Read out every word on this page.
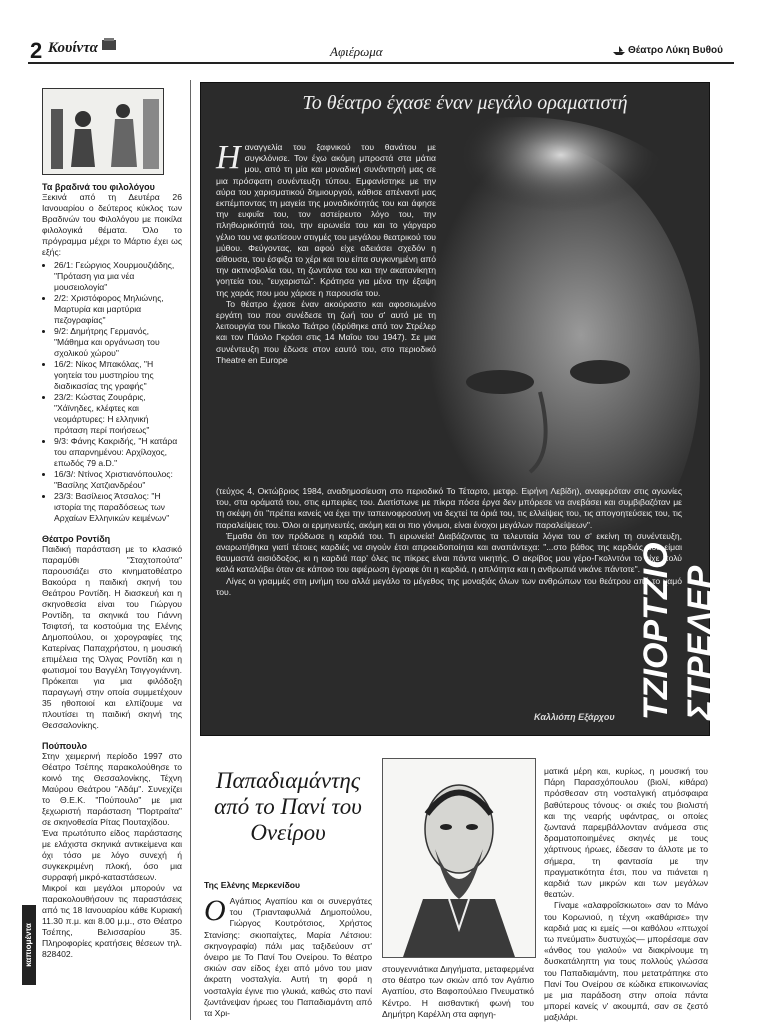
2 Κουίντα	Αφιέρωμα	Θέατρο Λύκη Βυθού

Τα βραδινά του φιλολόγου

Ξεκινά από τη Δευτέρα 26 Ιανουαρίου ο δεύτερος κύκλος των Βραδινών του Φιλολόγου με ποικίλα φιλολογικά θέματα. Όλο το πρόγραμμα μέχρι το Μάρτιο έχει ως εξής:

• 26/1: Γεώργιος Χουρμουζιάδης, "Πρόταση για μια νέα μουσειολογία"
• 2/2: Χριστόφορος Μηλιώνης, Μαρτυρία και μαρτύρια πεζογραφίας"
• 9/2: Δημήτρης Γερμανός, "Μάθημα και οργάνωση του σχολικού χώρου"
• 16/2: Νίκος Μπακόλας, "Η γοητεία του μυστηρίου της διαδικασίας της γραφής"
• 23/2: Κώστας Ζουράρις, "Χάϊνηδες, κλέφτες και νεομάρτυρες: Η ελληνική πρόταση περί ποιήσεως"
• 9/3: Φάνης Κακριδής, "Η κατάρα του απαρνημένου: Αρχίλοχος, επωδός 79 a.D."
• 16/3/: Ντίνος Χριστιανόπουλος: "Βασίλης Χατζιανδρέου"
• 23/3: Βασίλειος Άτσαλος: "Η ιστορία της παραδόσεως των Αρχαίων Ελληνικών κειμένων"

Θέατρο Ροντίδη

Παιδική παράσταση με το κλασικό παραμύθι "Σταχτοπούτα" παρουσιάζει στο κινηματοθέατρο Βακούρα η παιδική σκηνή του Θεάτρου Ροντίδη. Η διασκευή και η σκηνοθεσία είναι του Γιώργου Ροντίδη, τα σκηνικά του Γιάννη Τσιφτσή, τα κοστούμια της Ελένης Δημοπούλου, οι χορογραφίες της Κατερίνας Παπαχρήστου, η μουσική επιμέλεια της Όλγας Ροντίδη και η φωτισμοί του Βαγγέλη Τσιγγογιάννη. Πρόκειται για μια φιλόδοξη παραγωγή στην οποία συμμετέχουν 35 ηθοποιοί και ελπίζουμε να πλουτίσει τη παιδική σκηνή της Θεσσαλονίκης.

Πούπουλο

Στην χειμερινή περίοδο 1997 στο Θέατρο Τσέπης παρακολούθησε το κοινό της Θεσσαλονίκης, Τέχνη Μαύρου Θεάτρου "Αδάμ". Συνεχίζει το Θ.Ε.Κ. "Πούπουλο" με μια ξεχωριστή παράσταση "Πορτραίτα" σε σκηνοθεσία Ρίτας Πουταχίδου.

Ένα πρωτότυπο είδος παράστασης με ελάχιστα σκηνικά αντικείμενα και όχι τόσο με λόγο συνεχή ή συγκεκριμένη πλοκή, όσο μια συρραφή μικρό-καταστάσεων.

Μικροί και μεγάλοι μπορούν να παρακολουθήσουν τις παραστάσεις από τις 18 Ιανουαρίου κάθε Κυριακή 11.30 π.μ. και 8.00 μ.μ., στο Θέατρο Τσέπης, Βελισσαρίου 35. Πληροφορίες κρατήσεις θέσεων τηλ. 828402.

καπιομέντα
Το θέατρο έχασε έναν μεγάλο οραματιστή
Η αναγγελία του ξαφνικού του θανάτου με συγκλόνισε. Τον έχω ακόμη μπροστά στα μάτια μου, από τη μία και μοναδική συνάντησή μας σε μια πρόσφατη συνέντευξη τύπου. Εμφανίστηκε με την αύρα του χαρισματικού δημιουργού, κάθισε απέναντί μας εκπέμποντας τη μαγεία της μοναδικότητάς του και άφησε την ευφυΐα του, τον αστείρευτο λόγο του, την πληθωρικότητά του, την ειρωνεία του και το γάργαρο γέλιο του να φωτίσουν στιγμές του μεγάλου θεατρικού του μύθου. Φεύγοντας, και αφού είχε αδειάσει σχεδόν η αίθουσα, του έσφιξα το χέρι και του είπα συγκινημένη από την ακτινοβολία του, τη ζωντάνια του και την ακατανίκητη γοητεία του, "ευχαριστώ". Κράτησα για μένα την έξαψη της χαράς που μου χάρισε η παρουσία του.

Το θέατρο έχασε έναν ακούραστο και αφοσιωμένο εργάτη του που συνέδεσε τη ζωή του σ' αυτό με τη λειτουργία του Πίκολο Τεάτρο (ιδρύθηκε από τον Στρέλερ και τον Πάολο Γκράσι στις 14 Μαΐου του 1947). Σε μια συνέντευξη που έδωσε στον εαυτό του, στο περιοδικό Theatre en Europe

(τεύχος 4, Οκτώβριος 1984, αναδημοσίευση στο περιοδικό Το Τέταρτο, μετφρ. Ειρήνη Λεβίδη), αναφερόταν στις αγωνίες του, στα οράματά του, στις εμπειρίες του. Διατίστωνε με πίκρα πόσα έργα δεν μπόρεσε να ανεβάσει και συμβιβαζόταν με τη σκέψη ότι "πρέπει κανείς να έχει την ταπεινοφροσύνη να δεχτεί τα όριά του, τις ελλείψεις του, τις απογοητεύσεις του, τις παραλείψεις του. Όλοι οι ερμηνευτές, ακόμη και οι πιο γόνιμοι, είναι ένοχοι μεγάλων παραλείψεων".

Έμαθα ότι τον πρόδωσε η καρδιά του. Τι ειρωνεία! Διαβάζοντας τα τελευταία λόγια του σ' εκείνη τη συνέντευξη, αναρωτήθηκα γιατί τέτοιες καρδιές να σιγούν έτσι απροειδοποίητα και αναπάντεχα: "...στο βάθος της καρδιάς μου είμαι θαυμαστά αισιόδοξος, κι η καρδιά παρ' όλες τις πίκρες είναι πάντα νικητής. Ο ακρίβος μου γέρο-Γκολντόνι το είχε πολύ καλά καταλάβει όταν σε κάποιο του αφιέρωση έγραφε ότι η καρδιά, η απλότητα και η ανθρωπιά νικάνε πάντοτε".

Λίγες οι γραμμές στη μνήμη του αλλά μεγάλο το μέγεθος της μοναξιάς όλων των ανθρώπων του θεάτρου από το χαμό του.	ΤΖΙΟΡΤΖΙΟ ΣΤΡΕΛΕΡ
Καλλιόπη Εξάρχου
Παπαδιαμάντης από το Πανί του Ονείρου
Της Ελένης Μερκενίδου
Ο Αγάπιος Αγαπίου και οι συνεργάτες του (Τριανταφυλλιά Δημοπούλου, Γιώργος Κουτρότσιος, Χρήστος Στανίσης: σκιοπαίχτες, Μαρία Λέτσιου: σκηνογραφία) πάλι μας ταξιδεύουν στ' όνειρο με Το Πανί Του Ονείρου. Το θέατρο σκιών σαν είδος έχει από μόνο του μιαν άκρατη νοσταλγία. Αυτή τη φορά η νοσταλγία έγινε πιο γλυκιά, καθώς στο πανί ζωντάνεψαν ήρωες του Παπαδιαμάντη από τα Χρι-

στουγεννιάτικα Διηγήματα, μεταφερμένα στο θέατρο των σκιών από τον Αγάπιο Αγαπίου, στο Βαφοπούλειο Πνευματικό Κέντρο. Η αισθαντική φωνή του Δημήτρη Καρέλλη στα αφηγη-

ματικά μέρη και, κυρίως, η μουσική του Πάρη Παρασχόπουλου (βιολί, κιθάρα) πρόσθεσαν στη νοσταλγική ατμόσφαιρα βαθύτερους τόνους· οι σκιές του βιολιστή και της νεαρής υφάντρας, οι οποίες ζωντανά παρεμβάλλονταν ανάμεσα στις δραματοποιημένες σκηνές με τους χάρτινους ήρωες, έδεσαν το άλλοτε με το σήμερα, τη φαντασία με την πραγματικότητα έτσι, που να πιάνεται η καρδιά των μικρών και των μεγάλων θεατών.

Γίναμε «αλαφροΐσκιωτοι» σαν το Μάνο του Κορωνιού, η τέχνη «καθάρισε» την καρδιά μας κι εμείς —οι καθόλου «πτωχοί τω πνεύματι» δυστυχώς— μπορέσαμε σαν «άνθος του γιαλού» να διακρίνουμε τη δυσκατάληπτη για τους πολλούς γλώσσα του Παπαδιαμάντη, που μετατράπηκε στο Πανί Του Ονείρου σε κώδικα επικοινωνίας με μια παράδοση στην οποία πάντα μπορεί κανείς ν' ακουμπά, σαν σε ζεστό μαξιλάρι.
